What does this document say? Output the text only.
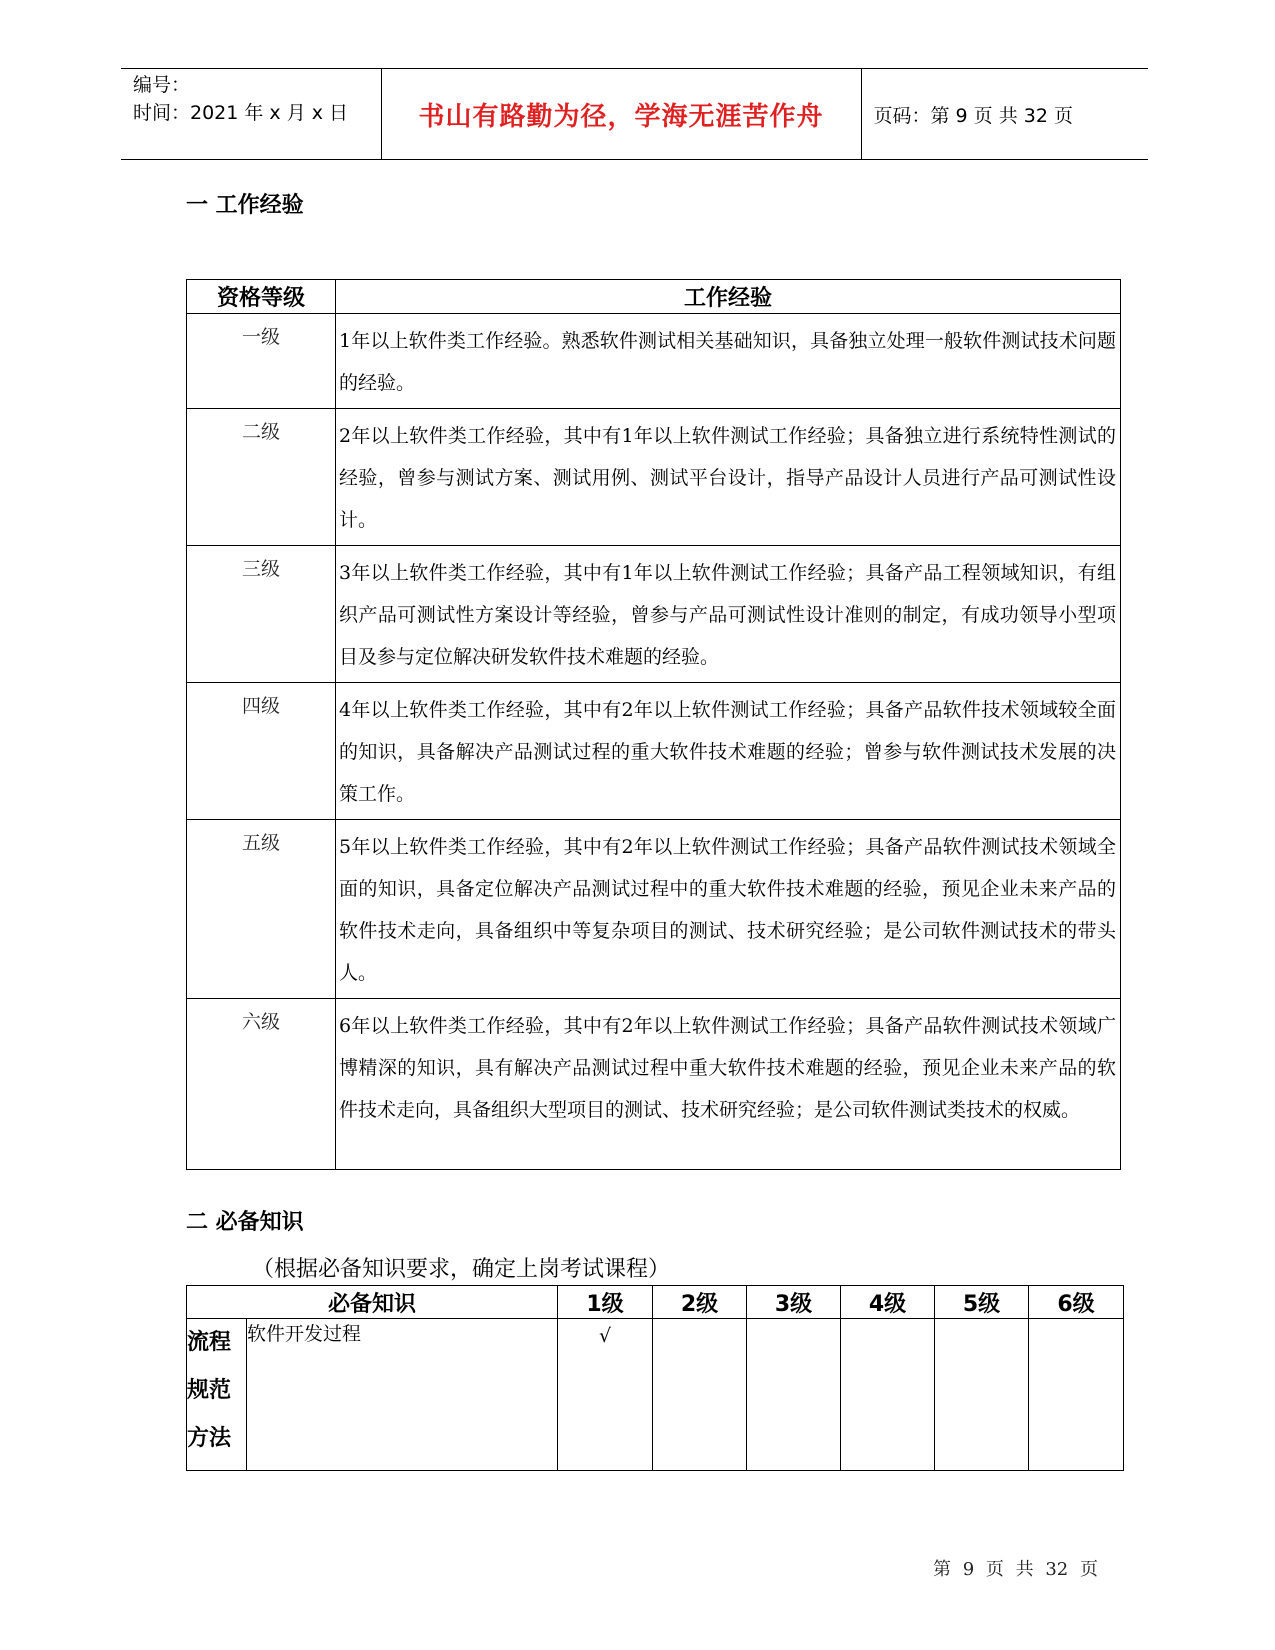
编号：
时间：2021 年 x 月 x 日	书山有路勤为径，学海无涯苦作舟	页码：第 9 页 共 32 页
一 工作经验
资格等级	工作经验
一级	1年以上软件类工作经验。熟悉软件测试相关基础知识，具备独立处理一般软件测试技术问题的经验。
二级	2年以上软件类工作经验，其中有1年以上软件测试工作经验；具备独立进行系统特性测试的经验，曾参与测试方案、测试用例、测试平台设计，指导产品设计人员进行产品可测试性设计。
三级	3年以上软件类工作经验，其中有1年以上软件测试工作经验；具备产品工程领域知识，有组织产品可测试性方案设计等经验，曾参与产品可测试性设计准则的制定，有成功领导小型项目及参与定位解决研发软件技术难题的经验。
四级	4年以上软件类工作经验，其中有2年以上软件测试工作经验；具备产品软件技术领域较全面的知识，具备解决产品测试过程的重大软件技术难题的经验；曾参与软件测试技术发展的决策工作。
五级	5年以上软件类工作经验，其中有2年以上软件测试工作经验；具备产品软件测试技术领域全面的知识，具备定位解决产品测试过程中的重大软件技术难题的经验，预见企业未来产品的软件技术走向，具备组织中等复杂项目的测试、技术研究经验；是公司软件测试技术的带头人。
六级	6年以上软件类工作经验，其中有2年以上软件测试工作经验；具备产品软件测试技术领域广博精深的知识，具有解决产品测试过程中重大软件技术难题的经验，预见企业未来产品的软件技术走向，具备组织大型项目的测试、技术研究经验；是公司软件测试类技术的权威。
二 必备知识
（根据必备知识要求，确定上岗考试课程）
必备知识		1级	2级	3级	4级	5级	6级
流程规范方法	软件开发过程	√					
第 9 页 共 32 页
